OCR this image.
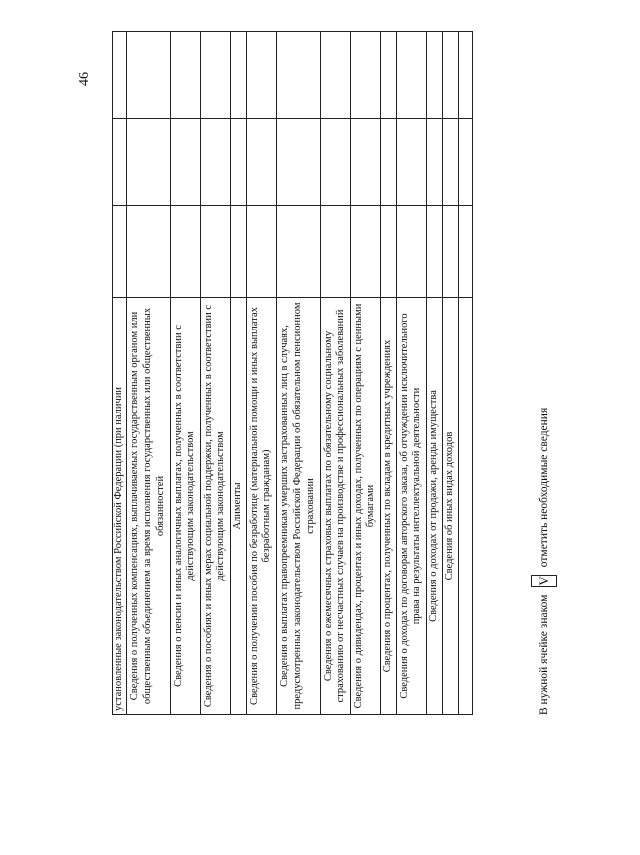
46
установленные законодательством Российской Федерации (при наличии			
Сведения о полученных компенсациях, выплачиваемых государственным органом или общественным объединением за время исполнения государственных или общественных обязанностей			
Сведения о пенсии и иных аналогичных выплатах, полученных в соответствии с действующим законодательством			
Сведения о пособиях и иных мерах социальной поддержки, полученных в соответствии с действующим законодательством			
Алименты			
Сведения о получении пособия по безработице (материальной помощи и иных выплатах безработным гражданам)			
Сведения о выплатах правопреемникам умерших застрахованных лиц в случаях, предусмотренных законодательством Российской Федерации об обязательном пенсионном страховании			
Сведения о ежемесячных страховых выплатах по обязательному социальному страхованию от несчастных случаев на производстве и профессиональных заболеваний			
Сведения о дивидендах, процентах и иных доходах, полученных по операциям с ценными бумагами			
Сведения о процентах, полученных по вкладам в кредитных учреждениях			
Сведения о доходах по договорам авторского заказа, об отчуждении исключительного права на результаты интеллектуальной деятельности			
Сведения о доходах от продажи, аренды имущества			
Сведения об иных видах доходов			

В нужной ячейке знаком
V
отметить необходимые сведения
